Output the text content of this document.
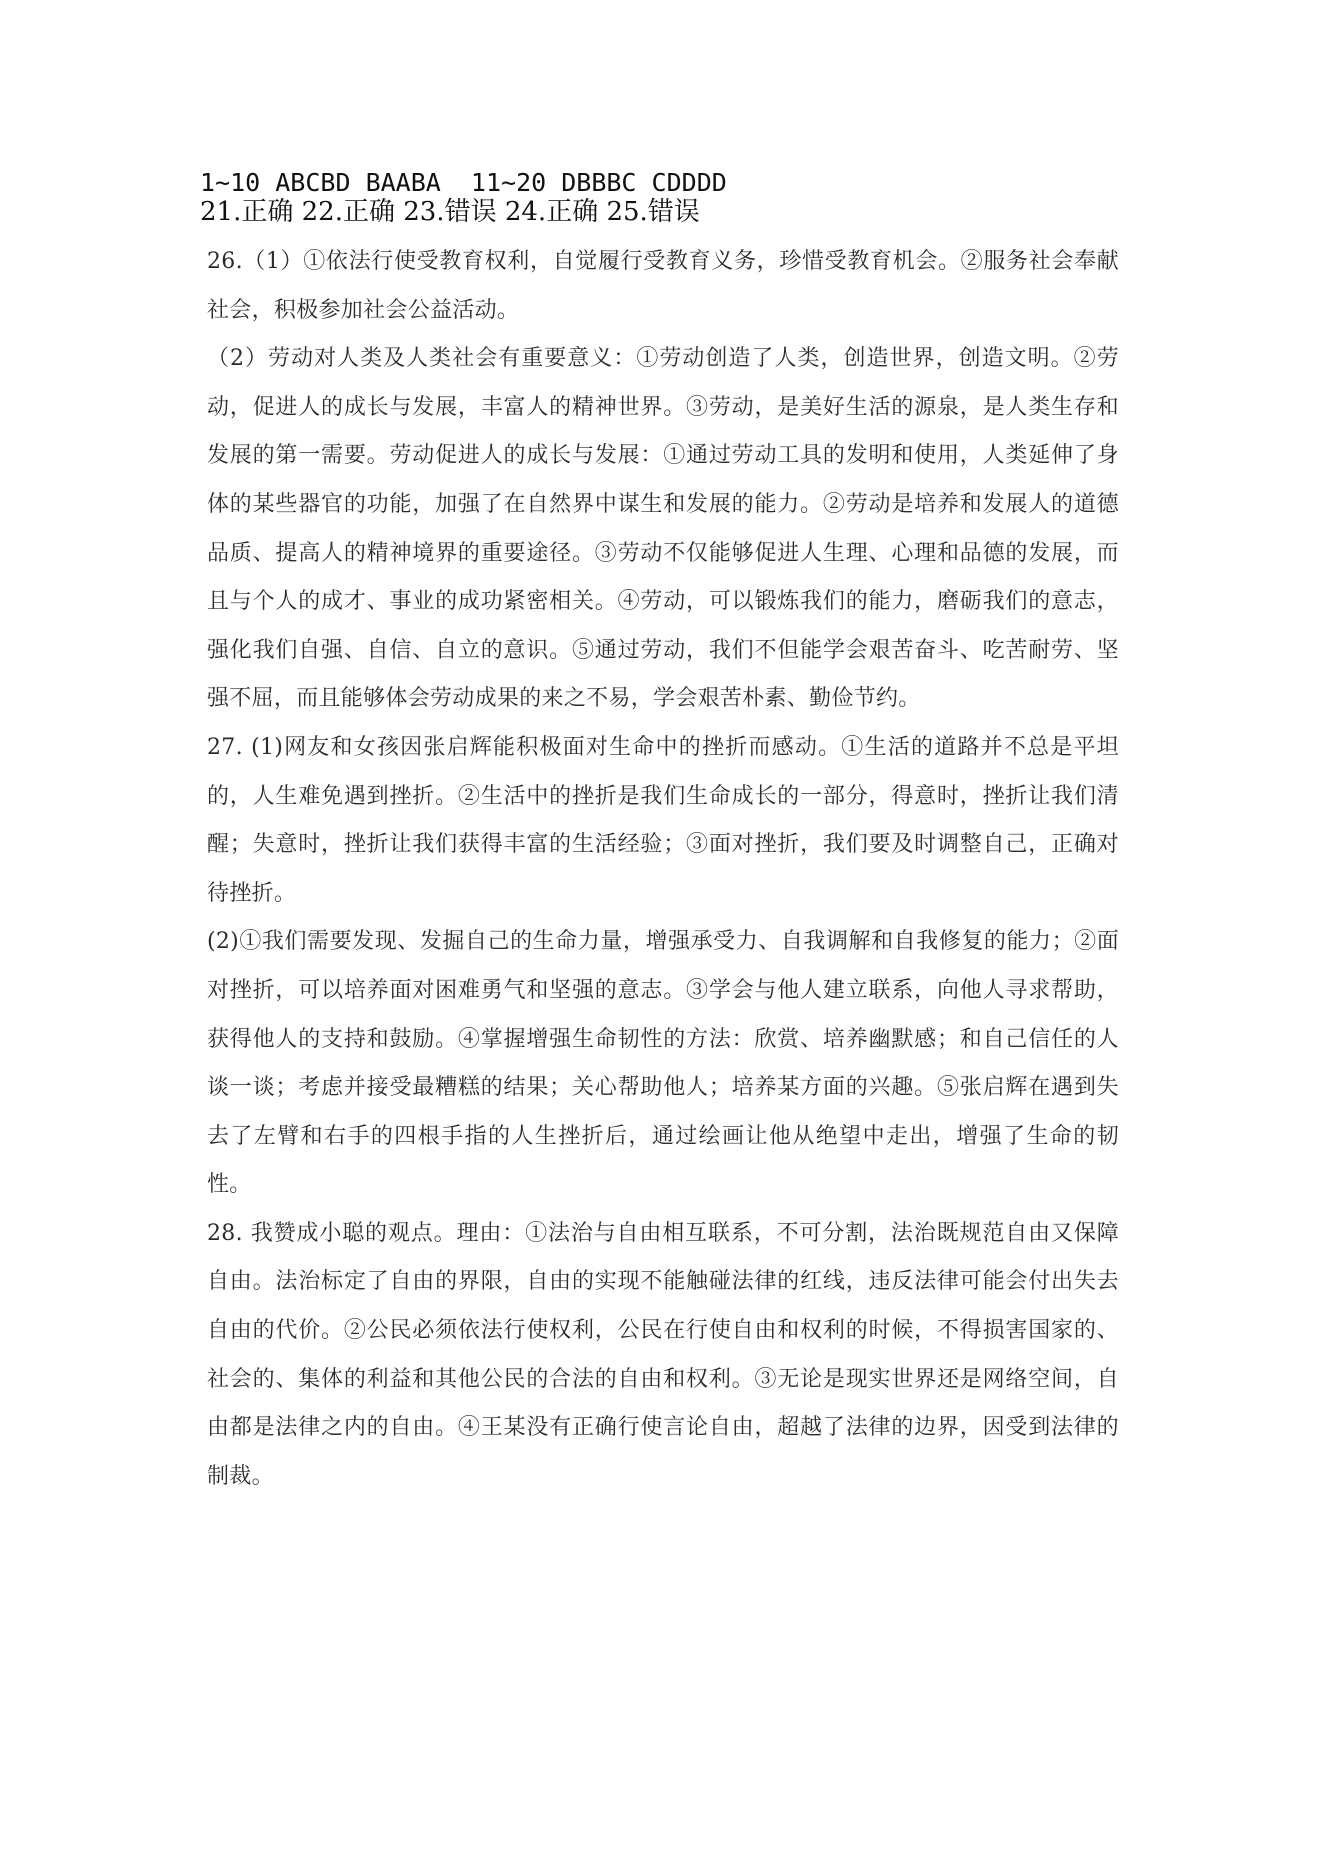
1~10 ABCBD BAABA  11~20 DBBBC CDDDD
21.正确 22.正确 23.错误 24.正确 25.错误

26.（1）①依法行使受教育权利，自觉履行受教育义务，珍惜受教育机会。②服务社会奉献社会，积极参加社会公益活动。

（2）劳动对人类及人类社会有重要意义：①劳动创造了人类，创造世界，创造文明。②劳动，促进人的成长与发展，丰富人的精神世界。③劳动，是美好生活的源泉，是人类生存和发展的第一需要。劳动促进人的成长与发展：①通过劳动工具的发明和使用，人类延伸了身体的某些器官的功能，加强了在自然界中谋生和发展的能力。②劳动是培养和发展人的道德品质、提高人的精神境界的重要途径。③劳动不仅能够促进人生理、心理和品德的发展，而且与个人的成才、事业的成功紧密相关。④劳动，可以锻炼我们的能力，磨砺我们的意志，强化我们自强、自信、自立的意识。⑤通过劳动，我们不但能学会艰苦奋斗、吃苦耐劳、坚强不屈，而且能够体会劳动成果的来之不易，学会艰苦朴素、勤俭节约。

27. (1)网友和女孩因张启辉能积极面对生命中的挫折而感动。①生活的道路并不总是平坦的，人生难免遇到挫折。②生活中的挫折是我们生命成长的一部分，得意时，挫折让我们清醒；失意时，挫折让我们获得丰富的生活经验；③面对挫折，我们要及时调整自己，正确对待挫折。

(2)①我们需要发现、发掘自己的生命力量，增强承受力、自我调解和自我修复的能力；②面对挫折，可以培养面对困难勇气和坚强的意志。③学会与他人建立联系，向他人寻求帮助，获得他人的支持和鼓励。④掌握增强生命韧性的方法：欣赏、培养幽默感；和自己信任的人谈一谈；考虑并接受最糟糕的结果；关心帮助他人；培养某方面的兴趣。⑤张启辉在遇到失去了左臂和右手的四根手指的人生挫折后，通过绘画让他从绝望中走出，增强了生命的韧性。

28. 我赞成小聪的观点。理由：①法治与自由相互联系，不可分割，法治既规范自由又保障自由。法治标定了自由的界限，自由的实现不能触碰法律的红线，违反法律可能会付出失去自由的代价。②公民必须依法行使权利，公民在行使自由和权利的时候，不得损害国家的、社会的、集体的利益和其他公民的合法的自由和权利。③无论是现实世界还是网络空间，自由都是法律之内的自由。④王某没有正确行使言论自由，超越了法律的边界，因受到法律的制裁。
